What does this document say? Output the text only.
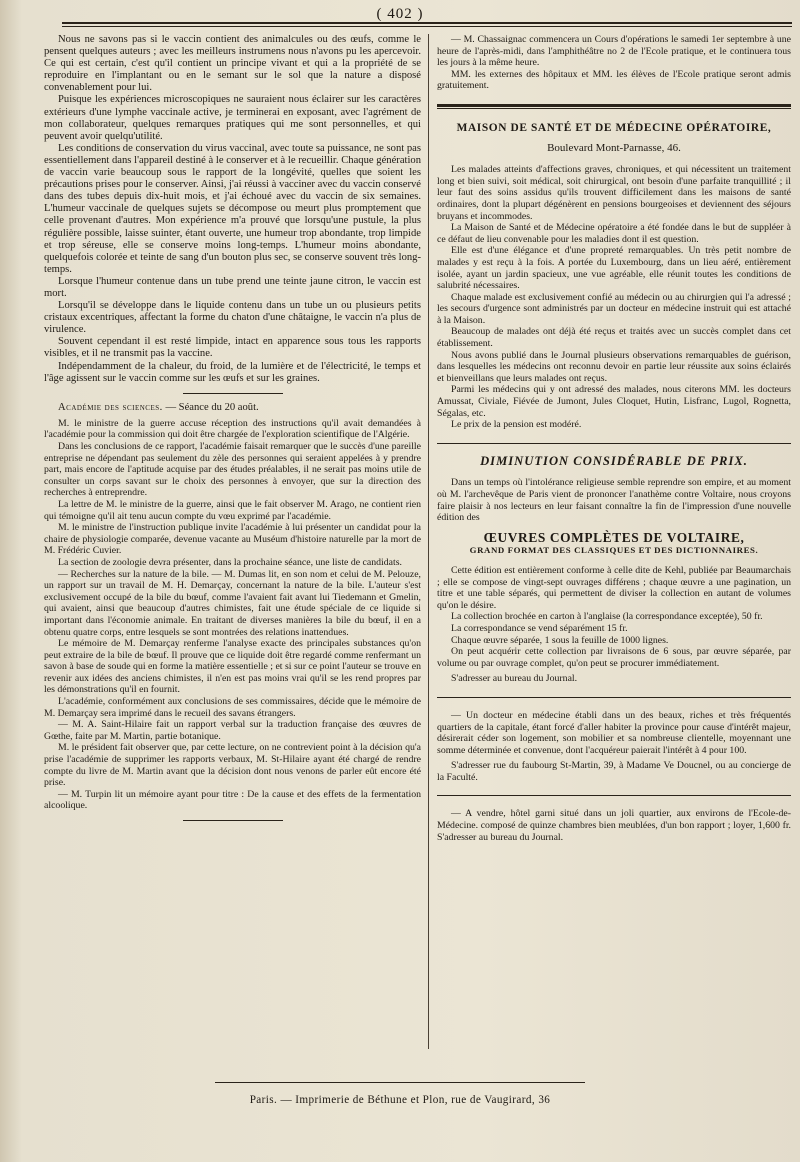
( 402 )

Nous ne savons pas si le vaccin contient des animalcules ou des œufs, comme le pensent quelques auteurs ; avec les meilleurs instrumens nous n'avons pu les apercevoir. Ce qui est certain, c'est qu'il contient un principe vivant et qui a la propriété de se reproduire en l'implantant ou en le semant sur le sol que la nature a disposé convenablement pour lui.

Puisque les expériences microscopiques ne sauraient nous éclairer sur les caractères extérieurs d'une lymphe vaccinale active, je terminerai en exposant, avec l'agrément de mon collaborateur, quelques remarques pratiques qui me sont personnelles, et qui peuvent avoir quelqu'utilité.

Les conditions de conservation du virus vaccinal, avec toute sa puissance, ne sont pas essentiellement dans l'appareil destiné à le conserver et à le recueillir. Chaque génération de vaccin varie beaucoup sous le rapport de la longévité, quelles que soient les précautions prises pour le conserver. Ainsi, j'ai réussi à vacciner avec du vaccin conservé dans des tubes depuis dix-huit mois, et j'ai échoué avec du vaccin de six semaines. L'humeur vaccinale de quelques sujets se décompose ou meurt plus promptement que celle provenant d'autres. Mon expérience m'a prouvé que lorsqu'une pustule, la plus régulière possible, laisse suinter, étant ouverte, une humeur trop abondante, trop limpide et trop séreuse, elle se conserve moins long-temps. L'humeur moins abondante, quelquefois colorée et teinte de sang d'un bouton plus sec, se conserve souvent très long-temps.

Lorsque l'humeur contenue dans un tube prend une teinte jaune citron, le vaccin est mort.

Lorsqu'il se développe dans le liquide contenu dans un tube un ou plusieurs petits cristaux excentriques, affectant la forme du chaton d'une châtaigne, le vaccin n'a plus de virulence.

Souvent cependant il est resté limpide, intact en apparence sous tous les rapports visibles, et il ne transmit pas la vaccine.

Indépendamment de la chaleur, du froid, de la lumière et de l'électricité, le temps et l'âge agissent sur le vaccin comme sur les œufs et sur les graines.

Académie des sciences. — Séance du 20 août.

M. le ministre de la guerre accuse réception des instructions qu'il avait demandées à l'académie pour la commission qui doit être chargée de l'exploration scientifique de l'Algérie.

Dans les conclusions de ce rapport, l'académie faisait remarquer que le succès d'une pareille entreprise ne dépendant pas seulement du zèle des personnes qui seraient appelées à y prendre part, mais encore de l'aptitude acquise par des études préalables, il ne serait pas moins utile de consulter un corps savant sur le choix des personnes à envoyer, que sur la direction des recherches à entreprendre.

La lettre de M. le ministre de la guerre, ainsi que le fait observer M. Arago, ne contient rien qui témoigne qu'il ait tenu aucun compte du vœu exprimé par l'académie.

M. le ministre de l'instruction publique invite l'académie à lui présenter un candidat pour la chaire de physiologie comparée, devenue vacante au Muséum d'histoire naturelle par la mort de M. Frédéric Cuvier.

La section de zoologie devra présenter, dans la prochaine séance, une liste de candidats.

— Recherches sur la nature de la bile. — M. Dumas lit, en son nom et celui de M. Pelouze, un rapport sur un travail de M. H. Demarçay, concernant la nature de la bile. L'auteur s'est exclusivement occupé de la bile du bœuf, comme l'avaient fait avant lui Tiedemann et Gmelin, qui avaient, ainsi que beaucoup d'autres chimistes, fait une étude spéciale de ce liquide si important dans l'économie animale. En traitant de diverses manières la bile du bœuf, il en a obtenu quatre corps, entre lesquels se sont montrées des relations inattendues.

Le mémoire de M. Demarçay renferme l'analyse exacte des principales substances qu'on peut extraire de la bile de bœuf. Il prouve que ce liquide doit être regardé comme renfermant un savon à base de soude qui en forme la matière essentielle ; et si sur ce point l'auteur se trouve en revenir aux idées des anciens chimistes, il n'en est pas moins vrai qu'il se les rend propres par les démonstrations qu'il en fournit.

L'académie, conformément aux conclusions de ses commissaires, décide que le mémoire de M. Demarçay sera imprimé dans le recueil des savans étrangers.

— M. A. Saint-Hilaire fait un rapport verbal sur la traduction française des œuvres de Gœthe, faite par M. Martin, partie botanique.

M. le président fait observer que, par cette lecture, on ne contrevient point à la décision qu'a prise l'académie de supprimer les rapports verbaux, M. St-Hilaire ayant été chargé de rendre compte du livre de M. Martin avant que la décision dont nous venons de parler eût encore été prise.

— M. Turpin lit un mémoire ayant pour titre : De la cause et des effets de la fermentation alcoolique.

— M. Chassaignac commencera un Cours d'opérations le samedi 1er septembre à une heure de l'après-midi, dans l'amphithéâtre no 2 de l'Ecole pratique, et le continuera tous les jours à la même heure.

MM. les externes des hôpitaux et MM. les élèves de l'Ecole pratique seront admis gratuitement.

MAISON DE SANTÉ ET DE MÉDECINE OPÉRATOIRE,
Boulevard Mont-Parnasse, 46.

Les malades atteints d'affections graves, chroniques, et qui nécessitent un traitement long et bien suivi, soit médical, soit chirurgical, ont besoin d'une parfaite tranquillité ; il leur faut des soins assidus qu'ils trouvent difficilement dans les maisons de santé ordinaires, dont la plupart dégénèrent en pensions bourgeoises et deviennent des séjours bruyans et incommodes.

La Maison de Santé et de Médecine opératoire a été fondée dans le but de suppléer à ce défaut de lieu convenable pour les maladies dont il est question.

Elle est d'une élégance et d'une propreté remarquables. Un très petit nombre de malades y est reçu à la fois. A portée du Luxembourg, dans un lieu aéré, entièrement isolée, ayant un jardin spacieux, une vue agréable, elle réunit toutes les conditions de salubrité nécessaires.

Chaque malade est exclusivement confié au médecin ou au chirurgien qui l'a adressé ; les secours d'urgence sont administrés par un docteur en médecine instruit qui est attaché à la Maison.

Beaucoup de malades ont déjà été reçus et traités avec un succès complet dans cet établissement.

Nous avons publié dans le Journal plusieurs observations remarquables de guérison, dans lesquelles les médecins ont reconnu devoir en partie leur réussite aux soins éclairés et bienveillans que leurs malades ont reçus.

Parmi les médecins qui y ont adressé des malades, nous citerons MM. les docteurs Amussat, Civiale, Fiévée de Jumont, Jules Cloquet, Hutin, Lisfranc, Lugol, Rognetta, Ségalas, etc.

Le prix de la pension est modéré.

DIMINUTION CONSIDÉRABLE DE PRIX.

Dans un temps où l'intolérance religieuse semble reprendre son empire, et au moment où M. l'archevêque de Paris vient de prononcer l'anathème contre Voltaire, nous croyons faire plaisir à nos lecteurs en leur faisant connaître la fin de l'impression d'une nouvelle édition des

ŒUVRES COMPLÈTES DE VOLTAIRE,
GRAND FORMAT DES CLASSIQUES ET DES DICTIONNAIRES.

Cette édition est entièrement conforme à celle dite de Kehl, publiée par Beaumarchais ; elle se compose de vingt-sept ouvrages différens ; chaque œuvre a une pagination, un titre et une table séparés, qui permettent de diviser la collection en autant de volumes qu'on le désire.

La collection brochée en carton à l'anglaise (la correspondance exceptée), 50 fr.

La correspondance se vend séparément 15 fr.

Chaque œuvre séparée, 1 sous la feuille de 1000 lignes.

On peut acquérir cette collection par livraisons de 6 sous, par œuvre séparée, par volume ou par ouvrage complet, qu'on peut se procurer immédiatement.

S'adresser au bureau du Journal.

— Un docteur en médecine établi dans un des beaux, riches et très fréquentés quartiers de la capitale, étant forcé d'aller habiter la province pour cause d'intérêt majeur, désirerait céder son logement, son mobilier et sa nombreuse clientelle, moyennant une somme déterminée et convenue, dont l'acquéreur paierait l'intérêt à 4 pour 100.

S'adresser rue du faubourg St-Martin, 39, à Madame Ve Doucnel, ou au concierge de la Faculté.

— A vendre, hôtel garni situé dans un joli quartier, aux environs de l'Ecole-de-Médecine. composé de quinze chambres bien meublées, d'un bon rapport ; loyer, 1,600 fr. S'adresser au bureau du Journal.

Paris. — Imprimerie de Béthune et Plon, rue de Vaugirard, 36
